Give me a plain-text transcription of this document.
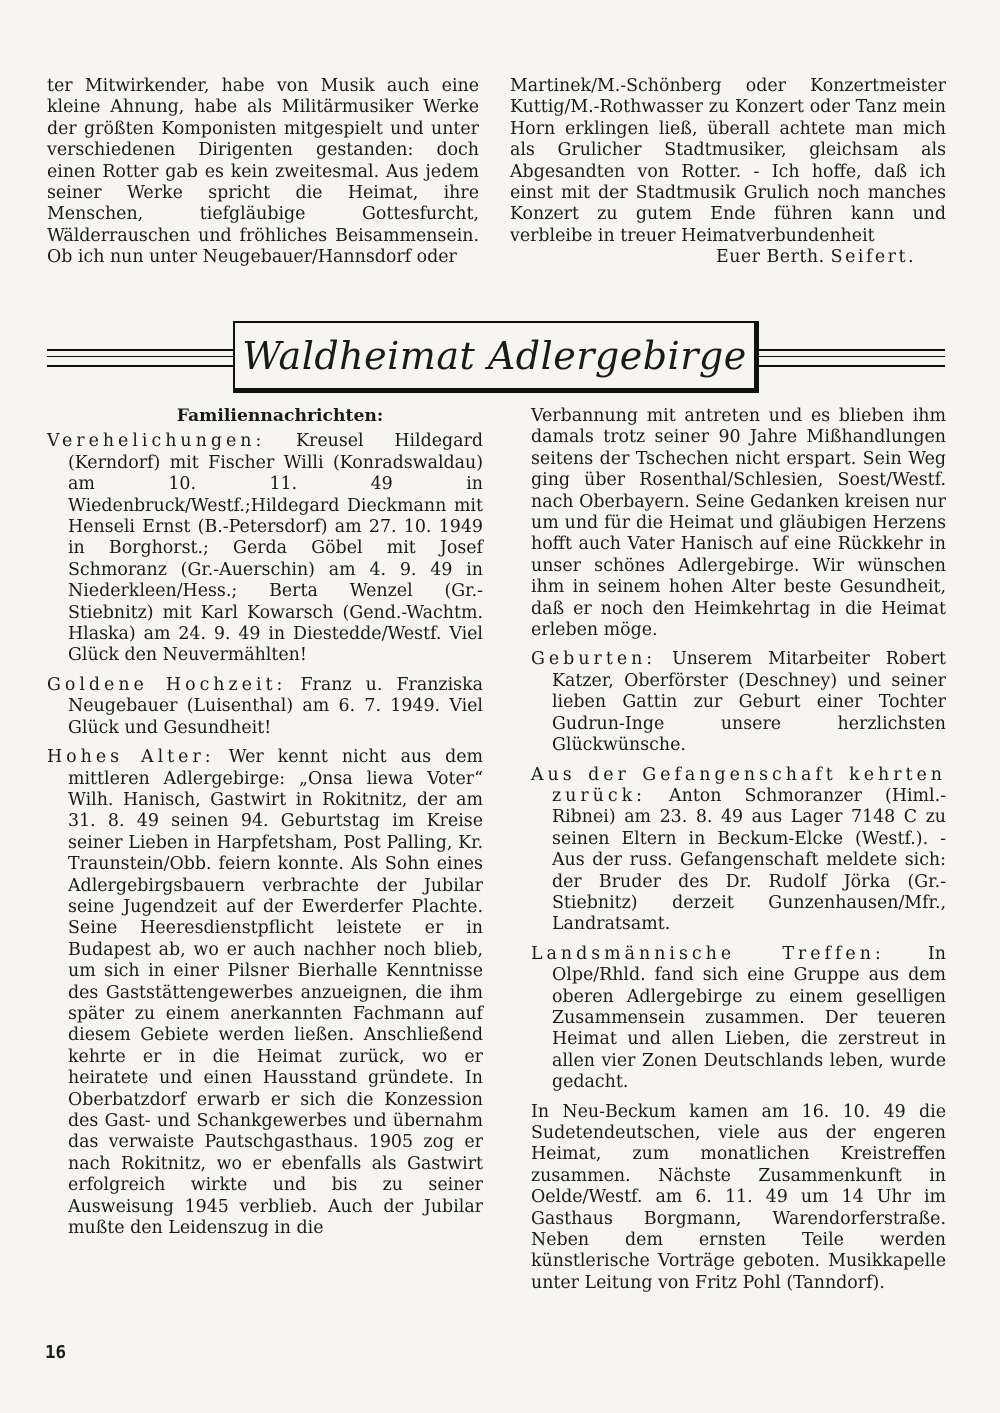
ter Mitwirkender, habe von Musik auch eine kleine Ahnung, habe als Militärmusiker Werke der größten Komponisten mitgespielt und unter verschiedenen Dirigenten gestanden: doch einen Rotter gab es kein zweitesmal. Aus jedem seiner Werke spricht die Heimat, ihre Menschen, tiefgläubige Gottesfurcht, Wälderrauschen und fröhliches Beisammensein. Ob ich nun unter Neugebauer/Hannsdorf oder

Martinek/M.-Schönberg oder Konzertmeister Kuttig/M.-Rothwasser zu Konzert oder Tanz mein Horn erklingen ließ, überall achtete man mich als Grulicher Stadtmusiker, gleichsam als Abgesandten von Rotter. - Ich hoffe, daß ich einst mit der Stadtmusik Grulich noch manches Konzert zu gutem Ende führen kann und verbleibe in treuer Heimatverbundenheit

Euer Berth. Seifert.

Waldheimat Adlergebirge

Familiennachrichten:

Verehelichungen: Kreusel Hildegard (Kerndorf) mit Fischer Willi (Konradswaldau) am 10. 11. 49 in Wiedenbruck/Westf.;Hildegard Dieckmann mit Henseli Ernst (B.-Petersdorf) am 27. 10. 1949 in Borghorst.; Gerda Göbel mit Josef Schmoranz (Gr.-Auerschin) am 4. 9. 49 in Niederkleen/Hess.; Berta Wenzel (Gr.-Stiebnitz) mit Karl Kowarsch (Gend.-Wachtm. Hlaska) am 24. 9. 49 in Diestedde/Westf. Viel Glück den Neuvermählten!

Goldene Hochzeit: Franz u. Franziska Neugebauer (Luisenthal) am 6. 7. 1949. Viel Glück und Gesundheit!

Hohes Alter: Wer kennt nicht aus dem mittleren Adlergebirge: „Onsa liewa Voter“ Wilh. Hanisch, Gastwirt in Rokitnitz, der am 31. 8. 49 seinen 94. Geburtstag im Kreise seiner Lieben in Harpfetsham, Post Palling, Kr. Traunstein/Obb. feiern konnte. Als Sohn eines Adlergebirgsbauern verbrachte der Jubilar seine Jugendzeit auf der Ewerderfer Plachte. Seine Heeresdienstpflicht leistete er in Budapest ab, wo er auch nachher noch blieb, um sich in einer Pilsner Bierhalle Kenntnisse des Gaststättengewerbes anzueignen, die ihm später zu einem anerkannten Fachmann auf diesem Gebiete werden ließen. Anschließend kehrte er in die Heimat zurück, wo er heiratete und einen Hausstand gründete. In Oberbatzdorf erwarb er sich die Konzession des Gast- und Schankgewerbes und übernahm das verwaiste Pautschgasthaus. 1905 zog er nach Rokitnitz, wo er ebenfalls als Gastwirt erfolgreich wirkte und bis zu seiner Ausweisung 1945 verblieb. Auch der Jubilar mußte den Leidenszug in die

Verbannung mit antreten und es blieben ihm damals trotz seiner 90 Jahre Mißhandlungen seitens der Tschechen nicht erspart. Sein Weg ging über Rosenthal/Schlesien, Soest/Westf. nach Oberbayern. Seine Gedanken kreisen nur um und für die Heimat und gläubigen Herzens hofft auch Vater Hanisch auf eine Rückkehr in unser schönes Adlergebirge. Wir wünschen ihm in seinem hohen Alter beste Gesundheit, daß er noch den Heimkehrtag in die Heimat erleben möge.

Geburten: Unserem Mitarbeiter Robert Katzer, Oberförster (Deschney) und seiner lieben Gattin zur Geburt einer Tochter Gudrun-Inge unsere herzlichsten Glückwünsche.

Aus der Gefangenschaft kehrten zurück: Anton Schmoranzer (Himl.-Ribnei) am 23. 8. 49 aus Lager 7148 C zu seinen Eltern in Beckum-Elcke (Westf.). - Aus der russ. Gefangenschaft meldete sich: der Bruder des Dr. Rudolf Jörka (Gr.-Stiebnitz) derzeit Gunzenhausen/Mfr., Landratsamt.

Landsmännische Treffen: In Olpe/Rhld. fand sich eine Gruppe aus dem oberen Adlergebirge zu einem geselligen Zusammensein zusammen. Der teueren Heimat und allen Lieben, die zerstreut in allen vier Zonen Deutschlands leben, wurde gedacht.

In Neu-Beckum kamen am 16. 10. 49 die Sudetendeutschen, viele aus der engeren Heimat, zum monatlichen Kreistreffen zusammen. Nächste Zusammenkunft in Oelde/Westf. am 6. 11. 49 um 14 Uhr im Gasthaus Borgmann, Warendorferstraße. Neben dem ernsten Teile werden künstlerische Vorträge geboten. Musikkapelle unter Leitung von Fritz Pohl (Tanndorf).

16
